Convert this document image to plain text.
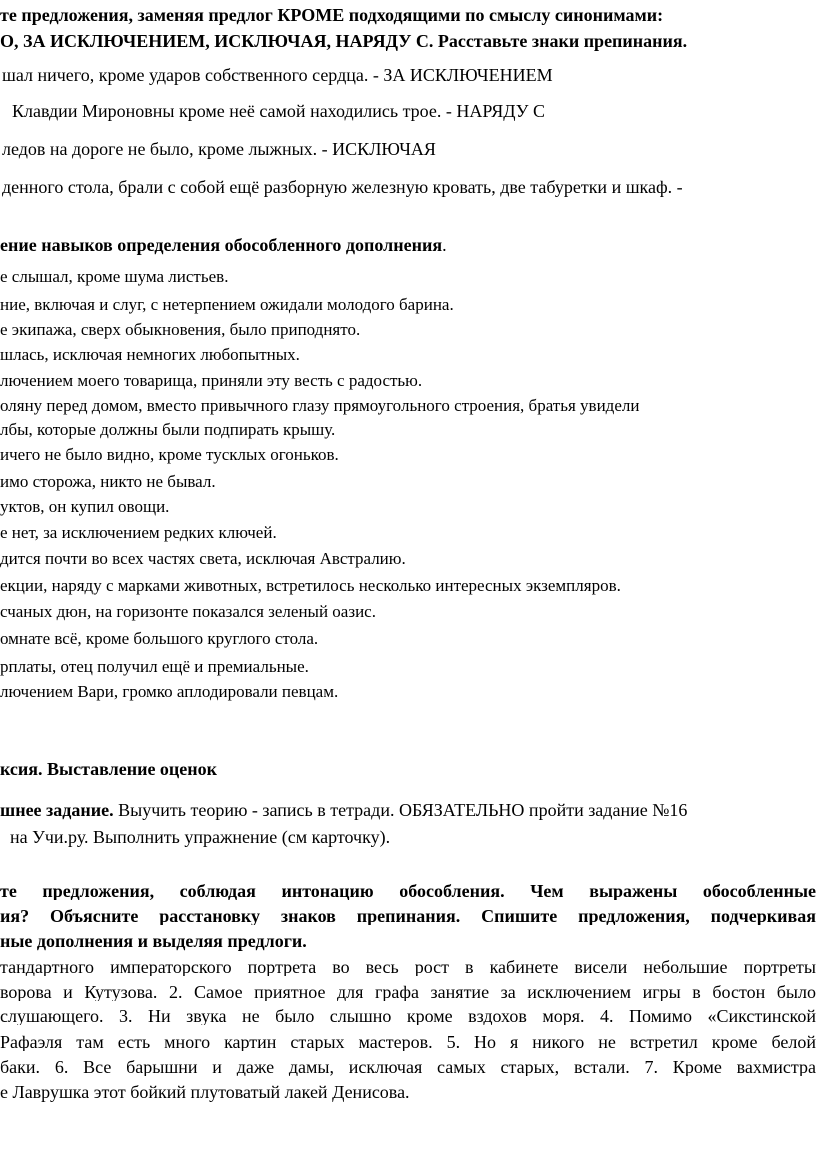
те предложения, заменяя предлог КРОМЕ подходящими по смыслу синонимами:
О, ЗА ИСКЛЮЧЕНИЕМ, ИСКЛЮЧАЯ, НАРЯДУ С. Расставьте знаки препинания.
шал ничего, кроме ударов собственного сердца. - ЗА ИСКЛЮЧЕНИЕМ
Клавдии Мироновны кроме неё самой находились трое. - НАРЯДУ С
ледов на дороге не было, кроме лыжных. - ИСКЛЮЧАЯ
денного стола, брали с собой ещё разборную железную кровать, две табуретки и шкаф. -
ение навыков определения обособленного дополнения.
е слышал, кроме шума листьев.
ние, включая и слуг, с нетерпением ожидали молодого барина.
е экипажа, сверх обыкновения, было приподнято.
шлась, исключая немногих любопытных.
лючением моего товарища, приняли эту весть с радостью.
оляну перед домом, вместо привычного глазу прямоугольного строения, братья увидели
лбы, которые должны были подпирать крышу.
ичего не было видно, кроме тусклых огоньков.
имо сторожа, никто не бывал.
уктов, он купил овощи.
е нет, за исключением редких ключей.
дится почти во всех частях света, исключая Австралию.
екции, наряду с марками животных, встретилось несколько интересных экземпляров.
счаных дюн, на горизонте показался зеленый оазис.
омнате всё, кроме большого круглого стола.
рплаты, отец получил ещё и премиальные.
лючением Вари, громко аплодировали певцам.
ксия. Выставление оценок
шнее задание. Выучить теорию - запись в тетради. ОБЯЗАТЕЛЬНО пройти задание №16
на Учи.ру. Выполнить упражнение (см карточку).
те предложения, соблюдая интонацию обособления. Чем выражены обособленные
ия? Объясните расстановку знаков препинания. Спишите предложения, подчеркивая
ные дополнения и выделяя предлоги.
тандартного императорского портрета во весь рост в кабинете висели небольшие портреты
ворова и Кутузова. 2. Самое приятное для графа занятие за исключением игры в бостон было
слушающего. 3. Ни звука не было слышно кроме вздохов моря. 4. Помимо «Сикстинской
Рафаэля там есть много картин старых мастеров. 5. Но я никого не встретил кроме белой
баки. 6. Все барышни и даже дамы, исключая самых старых, встали. 7. Кроме вахмистра
е Лаврушка этот бойкий плутоватый лакей Денисова.
